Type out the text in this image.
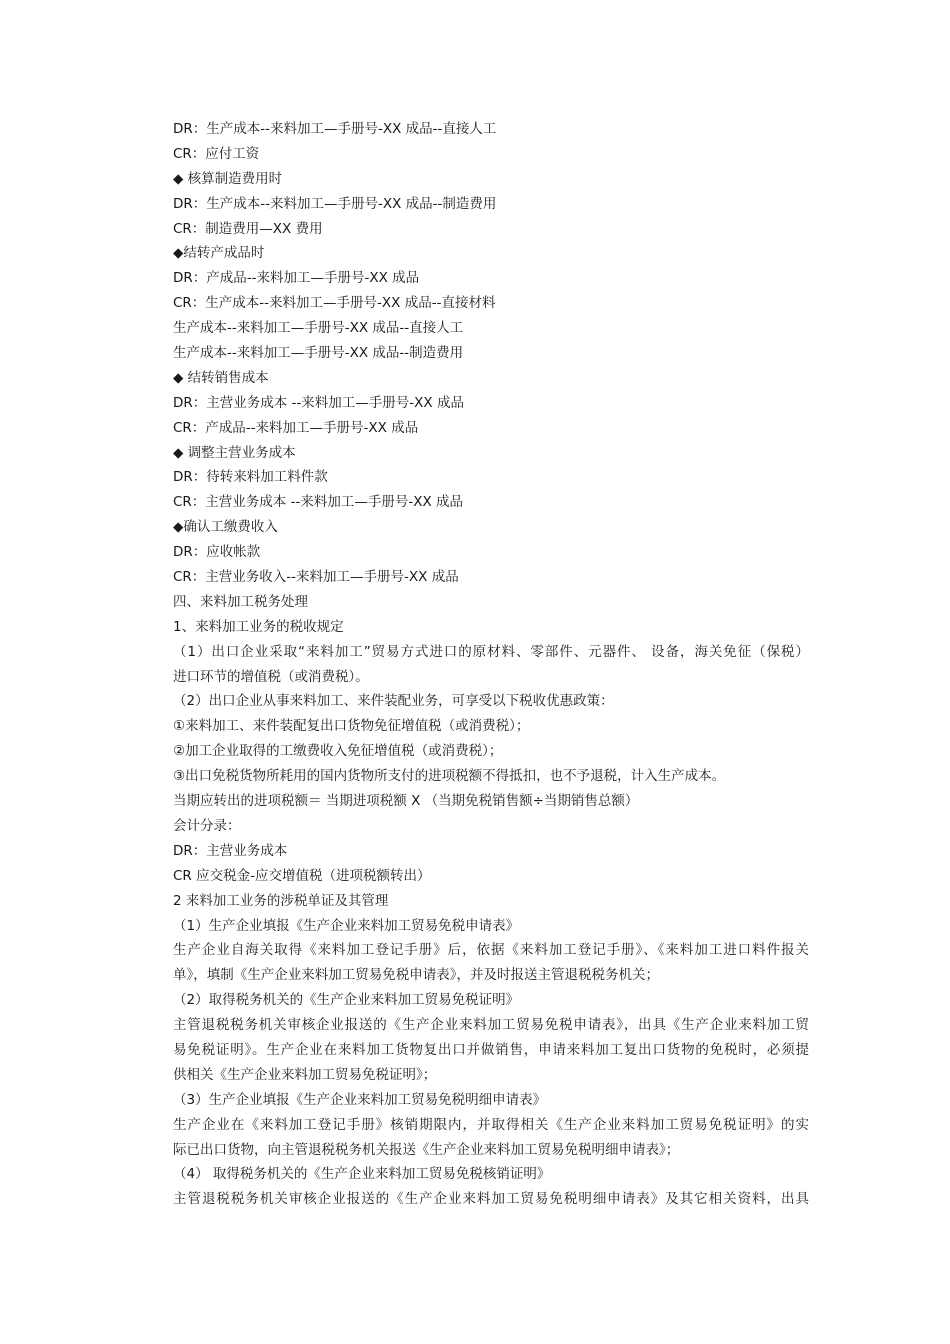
DR：生产成本--来料加工—手册号-XX 成品--直接人工
CR：应付工资
◆ 核算制造费用时
DR：生产成本--来料加工—手册号-XX 成品--制造费用
CR：制造费用—XX 费用
◆结转产成品时
DR：产成品--来料加工—手册号-XX 成品
CR：生产成本--来料加工—手册号-XX 成品--直接材料
生产成本--来料加工—手册号-XX 成品--直接人工
生产成本--来料加工—手册号-XX 成品--制造费用
◆ 结转销售成本
DR：主营业务成本 --来料加工—手册号-XX 成品
CR：产成品--来料加工—手册号-XX 成品
◆ 调整主营业务成本
DR：待转来料加工料件款
CR：主营业务成本 --来料加工—手册号-XX 成品
◆确认工缴费收入
DR：应收帐款
CR：主营业务收入--来料加工—手册号-XX 成品
四、来料加工税务处理
1、来料加工业务的税收规定
（1）出口企业采取“来料加工”贸易方式进口的原材料、零部件、元器件、 设备，海关免征（保税）
进口环节的增值税（或消费税）。
（2）出口企业从事来料加工、来件装配业务，可享受以下税收优惠政策：
①来料加工、来件装配复出口货物免征增值税（或消费税）；
②加工企业取得的工缴费收入免征增值税（或消费税）；
③出口免税货物所耗用的国内货物所支付的进项税额不得抵扣，也不予退税，计入生产成本。
当期应转出的进项税额＝ 当期进项税额 X （当期免税销售额÷当期销售总额）
会计分录：
DR：主营业务成本
CR 应交税金-应交增值税（进项税额转出）
2 来料加工业务的涉税单证及其管理
（1）生产企业填报《生产企业来料加工贸易免税申请表》
生产企业自海关取得《来料加工登记手册》后，依据《来料加工登记手册》、《来料加工进口料件报关
单》，填制《生产企业来料加工贸易免税申请表》，并及时报送主管退税税务机关；
（2）取得税务机关的《生产企业来料加工贸易免税证明》
主管退税税务机关审核企业报送的《生产企业来料加工贸易免税申请表》，出具《生产企业来料加工贸
易免税证明》。生产企业在来料加工货物复出口并做销售，申请来料加工复出口货物的免税时，必须提
供相关《生产企业来料加工贸易免税证明》；
（3）生产企业填报《生产企业来料加工贸易免税明细申请表》
生产企业在《来料加工登记手册》核销期限内，并取得相关《生产企业来料加工贸易免税证明》的实
际已出口货物，向主管退税税务机关报送《生产企业来料加工贸易免税明细申请表》；
（4） 取得税务机关的《生产企业来料加工贸易免税核销证明》
主管退税税务机关审核企业报送的《生产企业来料加工贸易免税明细申请表》及其它相关资料，出具
